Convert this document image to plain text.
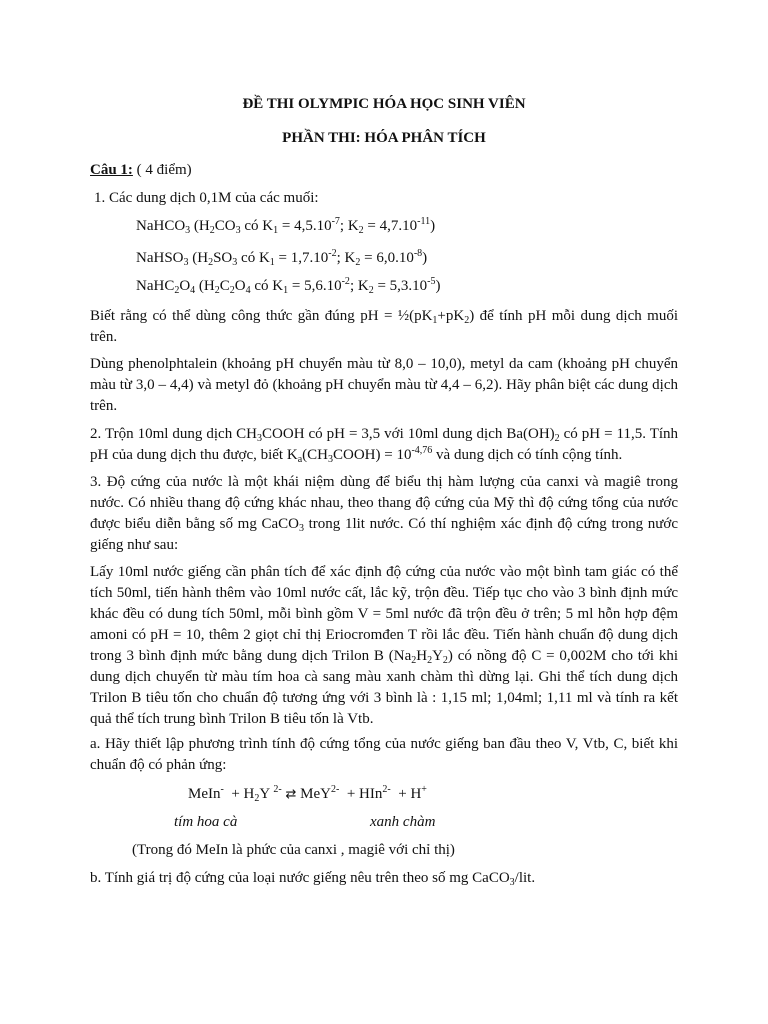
ĐỀ THI OLYMPIC HÓA HỌC SINH VIÊN
PHẦN THI: HÓA PHÂN TÍCH
Câu 1: ( 4 điểm)
1. Các dung dịch 0,1M của các muối:
NaHCO$_3$ ($H_2CO_3$ có $K_1 = 4,5.10^{-7}$; $K_2 = 4,7.10^{-11}$)
NaHSO$_3$ ($H_2SO_3$ có $K_1 = 1,7.10^{-2}$; $K_2 = 6,0.10^{-8}$)
$NaHC_2O_4$ ($H_2C_2O_4$ có $K_1 = 5,6.10^{-2}$; $K_2 = 5,3.10^{-5}$)
Biết rằng có thể dùng công thức gần đúng pH = $\frac{1}{2}(pK_1+pK_2)$ để tính pH mỗi dung dịch muối trên.
Dùng phenolphtalein (khoảng pH chuyển màu từ 8,0 – 10,0), metyl da cam (khoảng pH chuyển màu từ 3,0 – 4,4) và metyl đỏ (khoảng pH chuyển màu từ 4,4 – 6,2). Hãy phân biệt các dung dịch trên.
2. Trộn 10ml dung dịch $CH_3COOH$ có pH = 3,5 với 10ml dung dịch $Ba(OH)_2$ có pH = 11,5. Tính pH của dung dịch thu được, biết $K_a(CH_3COOH) = 10^{-4,76}$ và dung dịch có tính cộng tính.
3. Độ cứng của nước là một khái niệm dùng để biểu thị hàm lượng của canxi và magiê trong nước. Có nhiều thang độ cứng khác nhau, theo thang độ cứng của Mỹ thì độ cứng tổng của nước được biểu diễn bằng số mg CaCO$_3$ trong 1lit nước. Có thí nghiệm xác định độ cứng trong nước giếng như sau:
Lấy 10ml nước giếng cần phân tích để xác định độ cứng của nước vào một bình tam giác có thể tích 50ml, tiến hành thêm vào 10ml nước cất, lắc kỹ, trộn đều. Tiếp tục cho vào 3 bình định mức khác đều có dung tích 50ml, mỗi bình gồm V = 5ml nước đã trộn đều ở trên; 5 ml hỗn hợp đệm amoni có pH = 10, thêm 2 giọt chỉ thị Eriocromđen T rồi lắc đều. Tiến hành chuẩn độ dung dịch trong 3 bình định mức bằng dung dịch Trilon B $(Na_2H_2Y_2)$ có nồng độ C = 0,002M cho tới khi dung dịch chuyển từ màu tím hoa cà sang màu xanh chàm thì dừng lại. Ghi thể tích dung dịch Trilon B tiêu tốn cho chuẩn độ tương ứng với 3 bình là : 1,15 ml; 1,04ml; 1,11 ml và tính ra kết quả thể tích trung bình Trilon B tiêu tốn là Vtb.
a. Hãy thiết lập phương trình tính độ cứng tổng của nước giếng ban đầu theo V, Vtb, C, biết khi chuẩn độ có phản ứng:
MeIn-  + $H_2Y$ $^{2-}$ ⇄ MeY$^{2-}$  + HIn$^{2-}$  + H+
tím hoa cà	xanh chàm
(Trong đó MeIn là phức của canxi , magiê với chỉ thị)
b. Tính giá trị độ cứng của loại nước giếng nêu trên theo số mg CaCO$_3$/lit.
